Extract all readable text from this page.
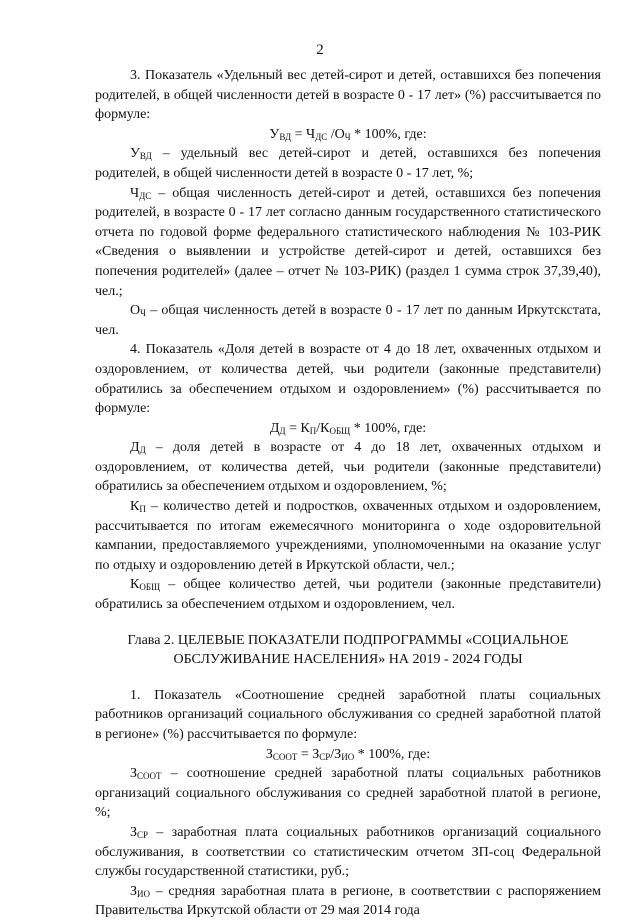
2

3. Показатель «Удельный вес детей-сирот и детей, оставшихся без попечения родителей, в общей численности детей в возрасте 0 - 17 лет» (%) рассчитывается по формуле:

$У_{ВД} = Ч_{ДС}$ $/О_Ч * 100\%$, где:

$У_{ВД}$ – удельный вес детей-сирот и детей, оставшихся без попечения родителей, в общей численности детей в возрасте 0 - 17 лет, %;

$Ч_{ДС}$ – общая численность детей-сирот и детей, оставшихся без попечения родителей, в возрасте 0 - 17 лет согласно данным государственного статистического отчета по годовой форме федерального статистического наблюдения № 103-РИК «Сведения о выявлении и устройстве детей-сирот и детей, оставшихся без попечения родителей» (далее – отчет № 103-РИК) (раздел 1 сумма строк 37,39,40), чел.;

$О_Ч$ – общая численность детей в возрасте 0 - 17 лет по данным Иркутскстата, чел.

4. Показатель «Доля детей в возрасте от 4 до 18 лет, охваченных отдыхом и оздоровлением, от количества детей, чьи родители (законные представители) обратились за обеспечением отдыхом и оздоровлением» (%) рассчитывается по формуле:

$Д_Д = К_П/К_{ОБЩ} * 100\%$, где:

$Д_Д$ – доля детей в возрасте от 4 до 18 лет, охваченных отдыхом и оздоровлением, от количества детей, чьи родители (законные представители) обратились за обеспечением отдыхом и оздоровлением, %;

$К_П$ – количество детей и подростков, охваченных отдыхом и оздоровлением, рассчитывается по итогам ежемесячного мониторинга о ходе оздоровительной кампании, предоставляемого учреждениями, уполномоченными на оказание услуг по отдыху и оздоровлению детей в Иркутской области, чел.;

$К_{ОБЩ}$ – общее количество детей, чьи родители (законные представители) обратились за обеспечением отдыхом и оздоровлением, чел.

Глава 2. ЦЕЛЕВЫЕ ПОКАЗАТЕЛИ ПОДПРОГРАММЫ «СОЦИАЛЬНОЕ ОБСЛУЖИВАНИЕ НАСЕЛЕНИЯ» НА 2019 - 2024 ГОДЫ

1. Показатель «Соотношение средней заработной платы социальных работников организаций социального обслуживания со средней заработной платой в регионе» (%) рассчитывается по формуле:

$З_{СООТ} = З_{СР}/З_{ИО} * 100\%$, где:

$З_{СООТ}$ – соотношение средней заработной платы социальных работников организаций социального обслуживания со средней заработной платой в регионе, %;

$З_{СР}$ – заработная плата социальных работников организаций социального обслуживания, в соответствии со статистическим отчетом ЗП-соц Федеральной службы государственной статистики, руб.;

$З_{ИО}$ – средняя заработная плата в регионе, в соответствии с распоряжением Правительства Иркутской области от 29 мая 2014 года
